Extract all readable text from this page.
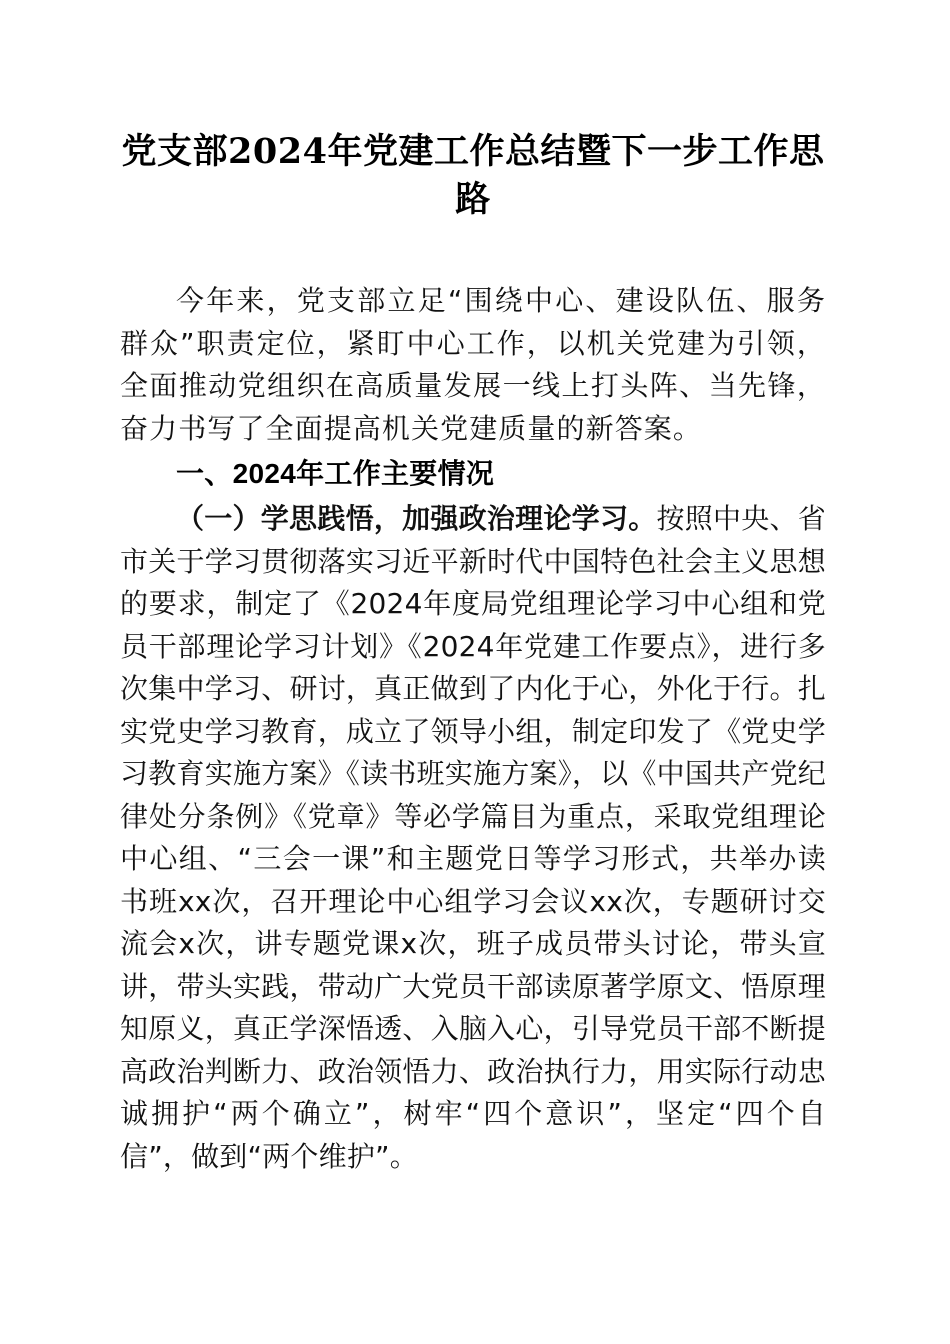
党支部2024年党建工作总结暨下一步工作思路

今年来，党支部立足“围绕中心、建设队伍、服务群众”职责定位，紧盯中心工作，以机关党建为引领，全面推动党组织在高质量发展一线上打头阵、当先锋，奋力书写了全面提高机关党建质量的新答案。

一、2024年工作主要情况

（一）学思践悟，加强政治理论学习。按照中央、省市关于学习贯彻落实习近平新时代中国特色社会主义思想的要求，制定了《2024年度局党组理论学习中心组和党员干部理论学习计划》《2024年党建工作要点》，进行多次集中学习、研讨，真正做到了内化于心，外化于行。扎实党史学习教育，成立了领导小组，制定印发了《党史学习教育实施方案》《读书班实施方案》，以《中国共产党纪律处分条例》《党章》等必学篇目为重点，采取党组理论中心组、“三会一课”和主题党日等学习形式，共举办读书班xx次，召开理论中心组学习会议xx次，专题研讨交流会x次，讲专题党课x次，班子成员带头讨论，带头宣讲，带头实践，带动广大党员干部读原著学原文、悟原理知原义，真正学深悟透、入脑入心，引导党员干部不断提高政治判断力、政治领悟力、政治执行力，用实际行动忠诚拥护“两个确立”，树牢“四个意识”，坚定“四个自信”，做到“两个维护”。
